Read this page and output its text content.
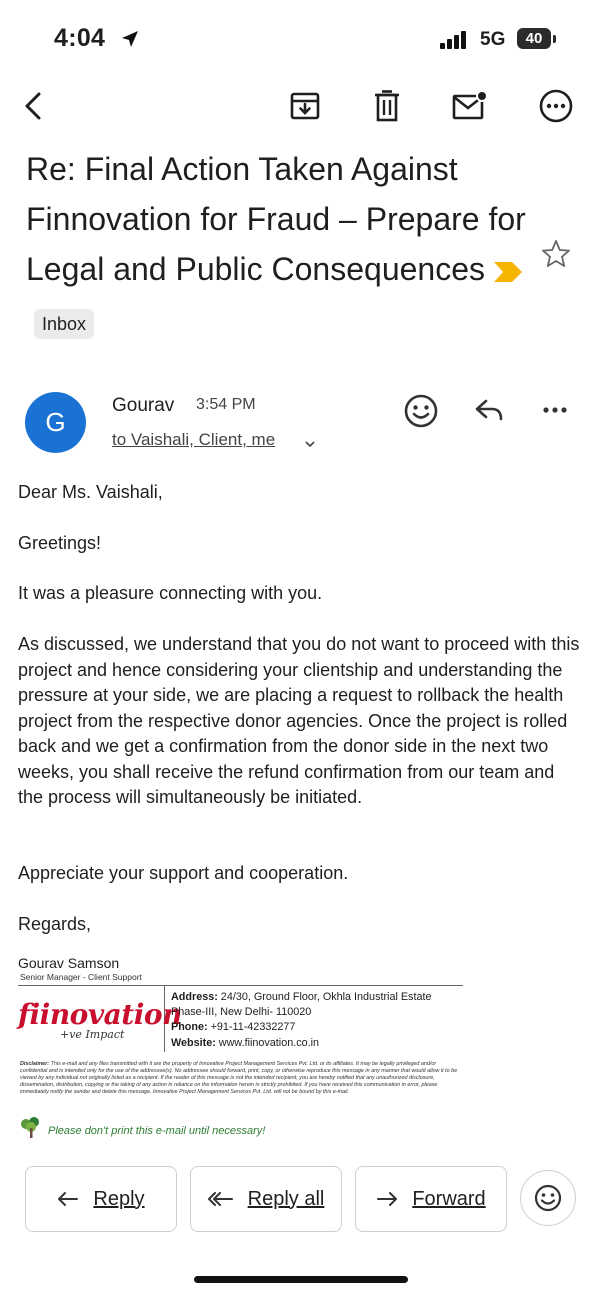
4:04	5G	40
Re: Final Action Taken Against Finnovation for Fraud – Prepare for Legal and Public ConsequencesInbox
G
Gourav 3:54 PM
to Vaishali, Client, me
Dear Ms. Vaishali,
Greetings!
It was a pleasure connecting with you.
As discussed, we understand that you do not want to proceed with this project and hence considering your clientship and understanding the pressure at your side, we are placing a request to rollback the health project from the respective donor agencies. Once the project is rolled back and we get a confirmation from the donor side in the next two weeks, you shall receive the refund confirmation from our team and the process will simultaneously be initiated.
Appreciate your support and cooperation.
Regards,
Gourav Samson
Senior Manager - Client Support
fiinovation
+ve Impact
Address: 24/30, Ground Floor, Okhla Industrial Estate
Phase-III, New Delhi- 110020
Phone: +91-11-42332277
Website: www.fiinovation.co.in
Disclaimer: This e-mail and any files transmitted with it are the property of Innovative Project Management Services Pvt. Ltd. or its affiliates. It may be legally privileged and/or confidential and is intended only for the use of the addressee(s). No addressee should forward, print, copy, or otherwise reproduce this message in any manner that would allow it to be viewed by any individual not originally listed as a recipient. If the reader of this message is not the intended recipient, you are hereby notified that any unauthorized disclosure, dissemination, distribution, copying or the taking of any action in reliance on the information herein is strictly prohibited. If you have received this communication in error, please immediately notify the sender and delete this message. Innovative Project Management Services Pvt. Ltd. will not be bound by this e-mail.
Please don't print this e-mail until necessary!
Reply	Reply all	Forward
